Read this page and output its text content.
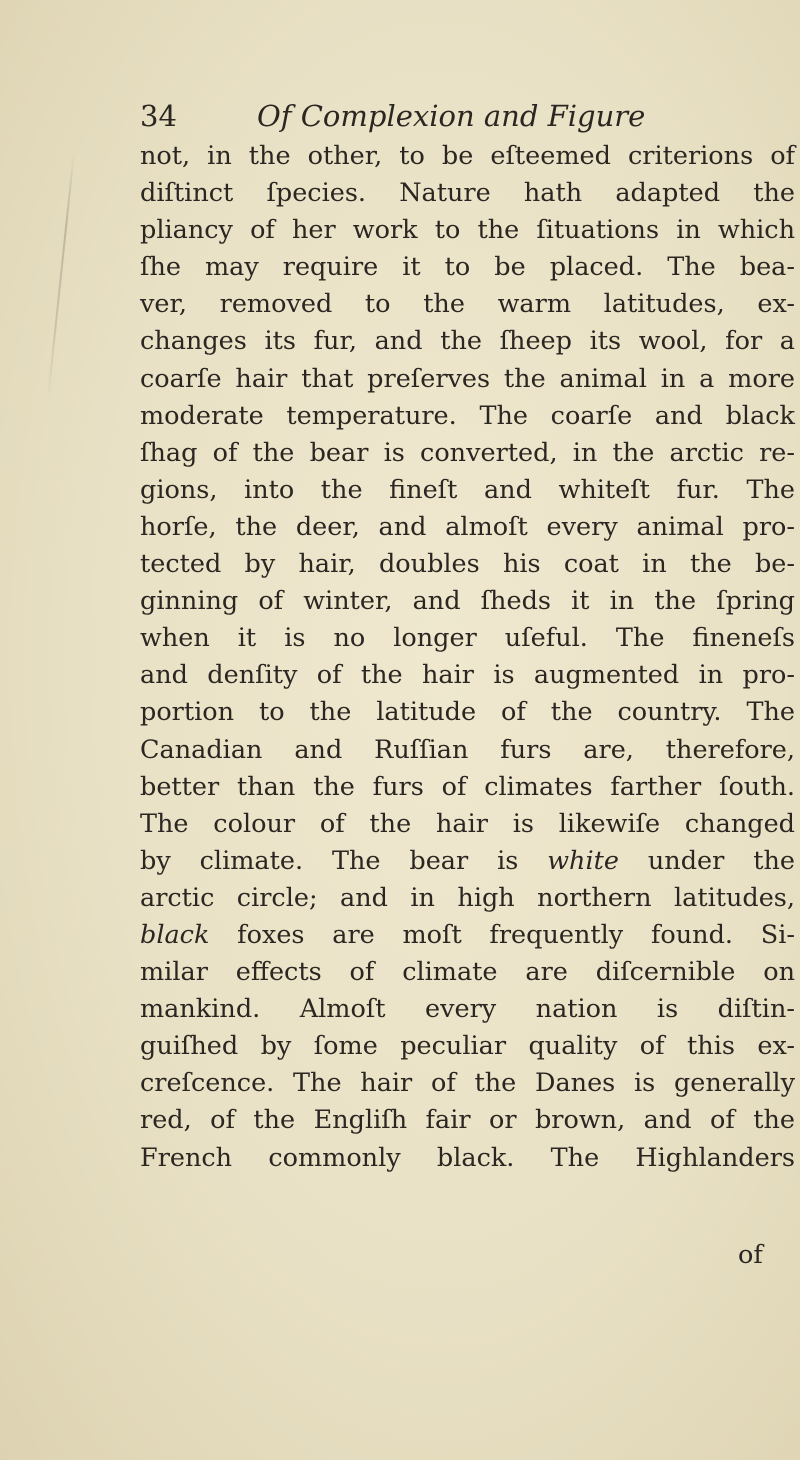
34	Of Complexion and Figure
not, in the other, to be eſteemed criterions of
diſtinct ſpecies. Nature hath adapted the
pliancy of her work to the ſituations in which
ſhe may require it to be placed. The bea-
ver, removed to the warm latitudes, ex-
changes its fur, and the ſheep its wool, for a
coarſe hair that preſerves the animal in a more
moderate temperature. The coarſe and black
ſhag of the bear is converted, in the arctic re-
gions, into the fineſt and whiteſt fur. The
horſe, the deer, and almoſt every animal pro-
tected by hair, doubles his coat in the be-
ginning of winter, and ſheds it in the ſpring
when it is no longer uſeful. The fineneſs
and denſity of the hair is augmented in pro-
portion to the latitude of the country. The
Canadian and Ruſſian furs are, therefore,
better than the furs of climates farther ſouth.
The colour of the hair is likewiſe changed
by climate. The bear is white under the
arctic circle; and in high northern latitudes,
black foxes are moſt frequently found. Si-
milar effects of climate are diſcernible on
mankind. Almoſt every nation is diſtin-
guiſhed by ſome peculiar quality of this ex-
creſcence. The hair of the Danes is generally
red, of the Engliſh fair or brown, and of the
French commonly black. The Highlanders
of
